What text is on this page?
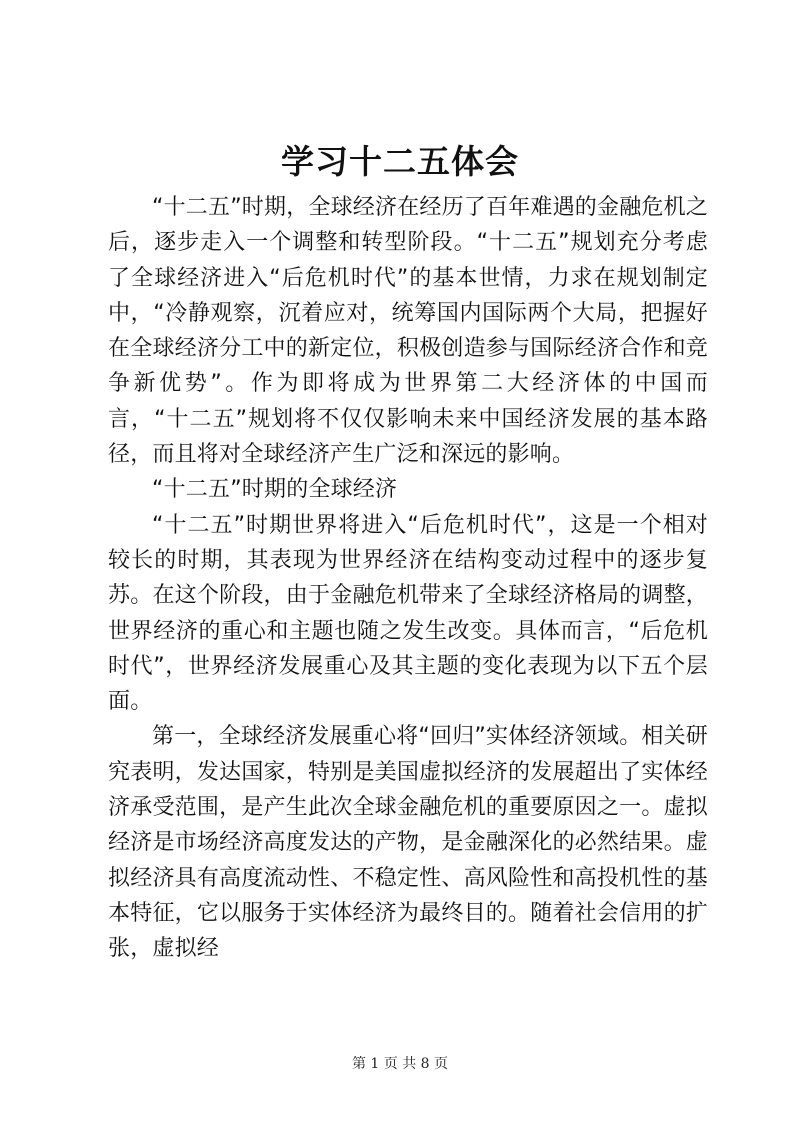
学习十二五体会

“十二五”时期，全球经济在经历了百年难遇的金融危机之后，逐步走入一个调整和转型阶段。“十二五”规划充分考虑了全球经济进入“后危机时代”的基本世情，力求在规划制定中，“冷静观察，沉着应对，统筹国内国际两个大局，把握好在全球经济分工中的新定位，积极创造参与国际经济合作和竞争新优势”。作为即将成为世界第二大经济体的中国而言，“十二五”规划将不仅仅影响未来中国经济发展的基本路径，而且将对全球经济产生广泛和深远的影响。

“十二五”时期的全球经济

“十二五”时期世界将进入“后危机时代”，这是一个相对较长的时期，其表现为世界经济在结构变动过程中的逐步复苏。在这个阶段，由于金融危机带来了全球经济格局的调整，世界经济的重心和主题也随之发生改变。具体而言，“后危机时代”，世界经济发展重心及其主题的变化表现为以下五个层面。

第一，全球经济发展重心将“回归”实体经济领域。相关研究表明，发达国家，特别是美国虚拟经济的发展超出了实体经济承受范围，是产生此次全球金融危机的重要原因之一。虚拟经济是市场经济高度发达的产物，是金融深化的必然结果。虚拟经济具有高度流动性、不稳定性、高风险性和高投机性的基本特征，它以服务于实体经济为最终目的。随着社会信用的扩张，虚拟经

第 1 页 共 8 页
